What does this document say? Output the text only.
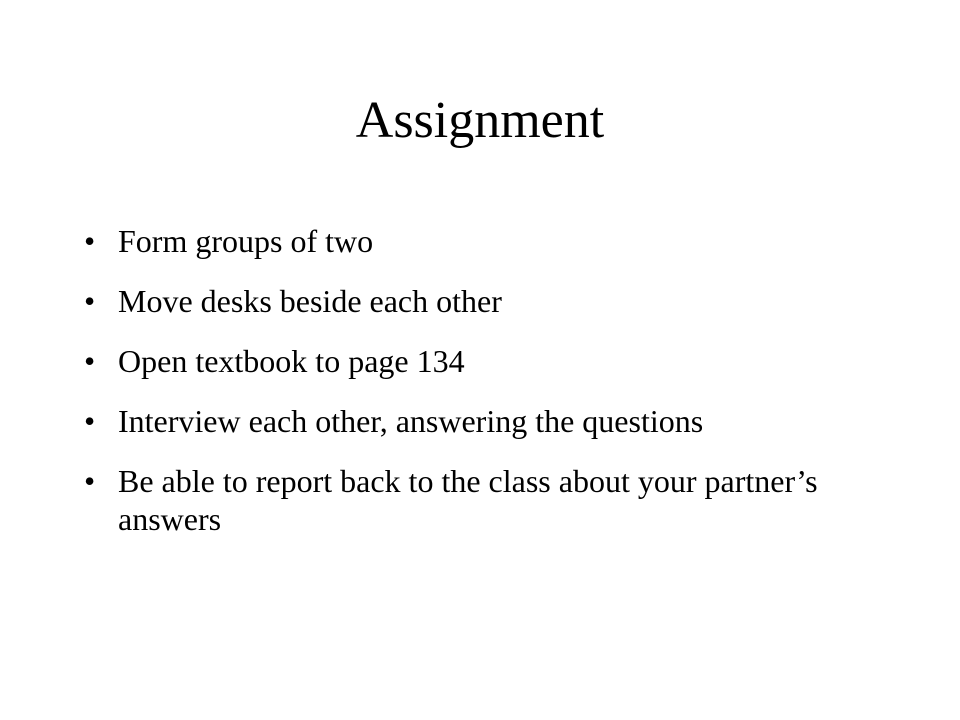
Assignment
• Form groups of two
• Move desks beside each other
• Open textbook to page 134
• Interview each other, answering the questions
• Be able to report back to the class about your partner’s answers
